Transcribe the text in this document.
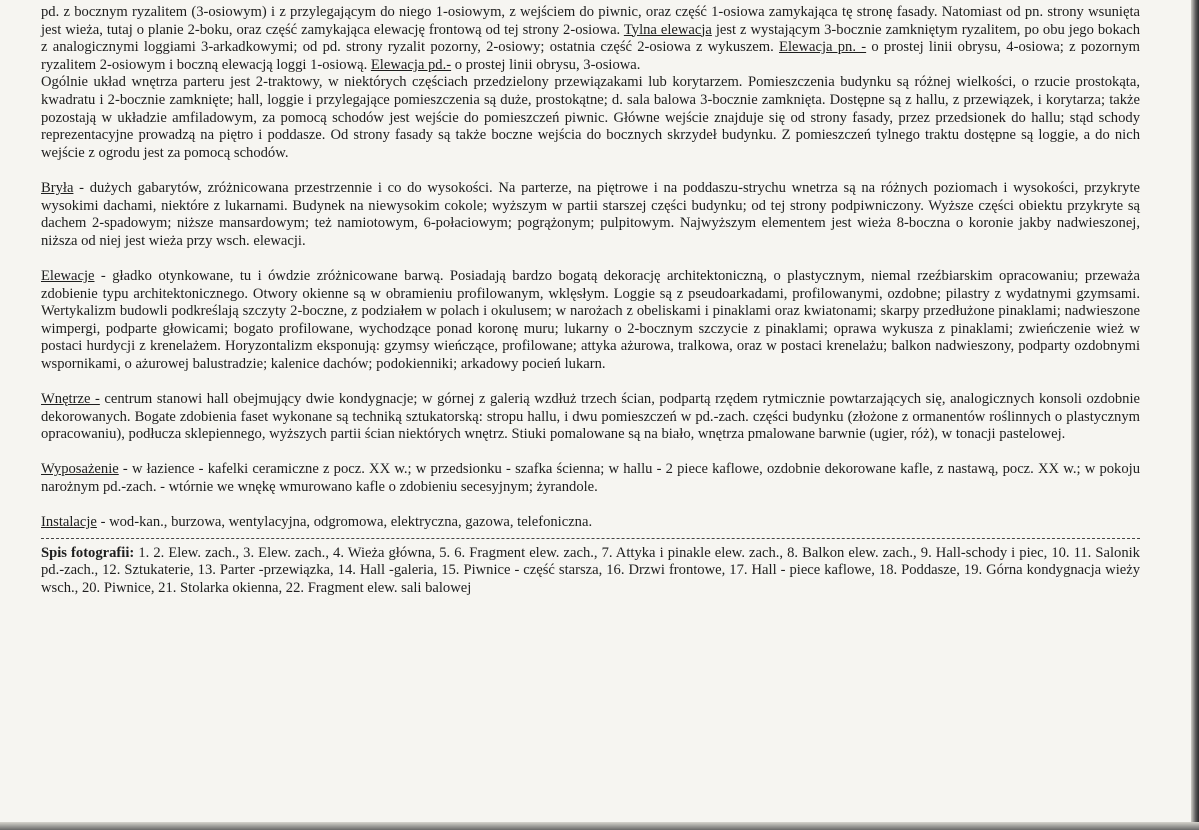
pd. z bocznym ryzalitem (3-osiowym) i z przylegającym do niego 1-osiowym, z wejściem do piwnic, oraz część 1-osiowa zamykająca tę stronę fasady. Natomiast od pn. strony wsunięta jest wieża, tutaj o planie 2-boku, oraz część zamykająca elewację frontową od tej strony 2-osiowa. Tylna elewacja jest z wystającym 3-bocznie zamkniętym ryzalitem, po obu jego bokach z analogicznymi loggiami 3-arkadkowymi; od pd. strony ryzalit pozorny, 2-osiowy; ostatnia część 2-osiowa z wykuszem. Elewacja pn. - o prostej linii obrysu, 4-osiowa; z pozornym ryzalitem 2-osiowym i boczną elewacją loggi 1-osiową. Elewacja pd.- o prostej linii obrysu, 3-osiowa.

Ogólnie układ wnętrza parteru jest 2-traktowy, w niektórych częściach przedzielony przewiązakami lub korytarzem. Pomieszczenia budynku są różnej wielkości, o rzucie prostokąta, kwadratu i 2-bocznie zamknięte; hall, loggie i przylegające pomieszczenia są duże, prostokątne; d. sala balowa 3-bocznie zamknięta. Dostępne są z hallu, z przewiązek, i korytarza; także pozostają w układzie amfiladowym, za pomocą schodów jest wejście do pomieszczeń piwnic. Główne wejście znajduje się od strony fasady, przez przedsionek do hallu; stąd schody reprezentacyjne prowadzą na piętro i poddasze. Od strony fasady są także boczne wejścia do bocznych skrzydeł budynku. Z pomieszczeń tylnego traktu dostępne są loggie, a do nich wejście z ogrodu jest za pomocą schodów.

Bryła - dużych gabarytów, zróżnicowana przestrzennie i co do wysokości. Na parterze, na piętrowe i na poddaszu-strychu wnetrza są na różnych poziomach i wysokości, przykryte wysokimi dachami, niektóre z lukarnami. Budynek na niewysokim cokole; wyższym w partii starszej części budynku; od tej strony podpiwniczony. Wyższe części obiektu przykryte są dachem 2-spadowym; niższe mansardowym; też namiotowym, 6-połaciowym; pogrążonym; pulpitowym. Najwyższym elementem jest wieża 8-boczna o koronie jakby nadwieszonej, niższa od niej jest wieża przy wsch. elewacji.

Elewacje - gładko otynkowane, tu i ówdzie zróżnicowane barwą. Posiadają bardzo bogatą dekorację architektoniczną, o plastycznym, niemal rzeźbiarskim opracowaniu; przeważa zdobienie typu architektonicznego. Otwory okienne są w obramieniu profilowanym, wklęsłym. Loggie są z pseudoarkadami, profilowanymi, ozdobne; pilastry z wydatnymi gzymsami. Wertykalizm budowli podkreślają szczyty 2-boczne, z podziałem w polach i okulusem; w narożach z obeliskami i pinaklami oraz kwiatonami; skarpy przedłużone pinaklami; nadwieszone wimpergi, podparte głowicami; bogato profilowane, wychodzące ponad koronę muru; lukarny o 2-bocznym szczycie z pinaklami; oprawa wykusza z pinaklami; zwieńczenie wież w postaci hurdycji z krenelażem. Horyzontalizm eksponują: gzymsy wieńczące, profilowane; attyka ażurowa, tralkowa, oraz w postaci krenelażu; balkon nadwieszony, podparty ozdobnymi wspornikami, o ażurowej balustradzie; kalenice dachów; podokienniki; arkadowy pocień lukarn.

Wnętrze - centrum stanowi hall obejmujący dwie kondygnacje; w górnej z galerią wzdłuż trzech ścian, podpartą rzędem rytmicznie powtarzających się, analogicznych konsoli ozdobnie dekorowanych. Bogate zdobienia faset wykonane są techniką sztukatorską: stropu hallu, i dwu pomieszczeń w pd.-zach. części budynku (złożone z ormanentów roślinnych o plastycznym opracowaniu), podłucza sklepiennego, wyższych partii ścian niektórych wnętrz. Stiuki pomalowane są na biało, wnętrza pmalowane barwnie (ugier, róż), w tonacji pastelowej.

Wyposażenie - w łazience - kafelki ceramiczne z pocz. XX w.; w przedsionku - szafka ścienna; w hallu - 2 piece kaflowe, ozdobnie dekorowane kafle, z nastawą, pocz. XX w.; w pokoju narożnym pd.-zach. - wtórnie we wnękę wmurowano kafle o zdobieniu secesyjnym; żyrandole.

Instalacje - wod-kan., burzowa, wentylacyjna, odgromowa, elektryczna, gazowa, telefoniczna.

Spis fotografii: 1. 2. Elew. zach., 3. Elew. zach., 4. Wieża główna, 5. 6. Fragment elew. zach., 7. Attyka i pinakle elew. zach., 8. Balkon elew. zach., 9. Hall-schody i piec, 10. 11. Salonik pd.-zach., 12. Sztukaterie, 13. Parter -przewiązka, 14. Hall -galeria, 15. Piwnice - część starsza, 16. Drzwi frontowe, 17. Hall - piece kaflowe, 18. Poddasze, 19. Górna kondygnacja wieży wsch., 20. Piwnice, 21. Stolarka okienna, 22. Fragment elew. sali balowej
